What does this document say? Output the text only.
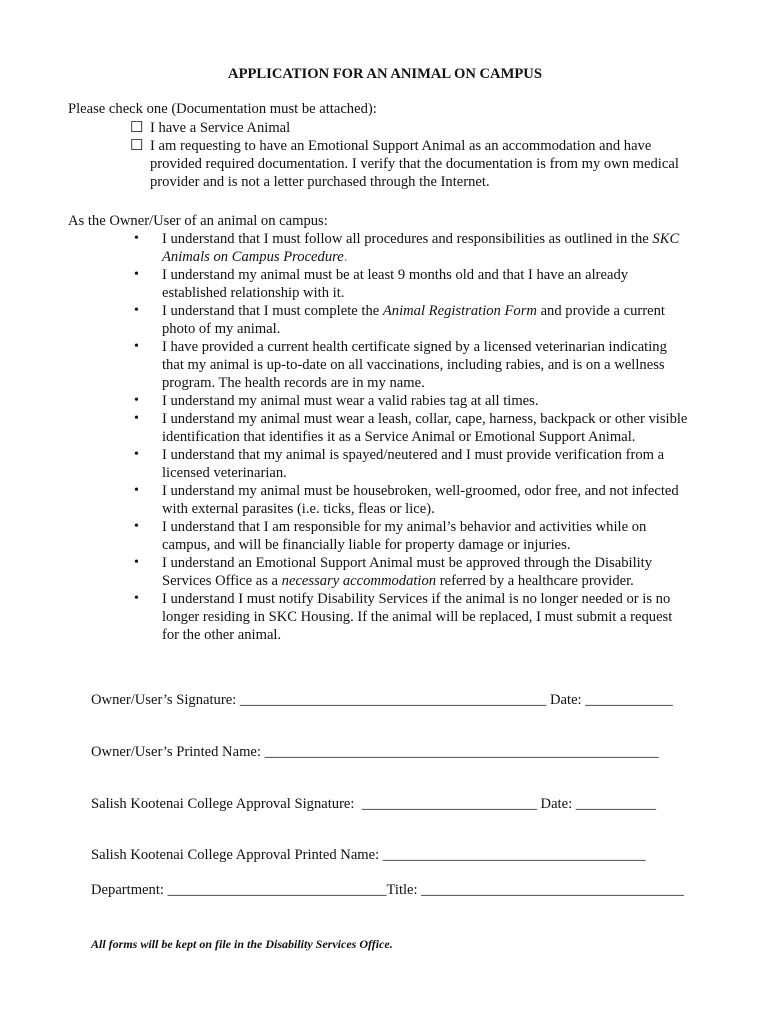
APPLICATION FOR AN ANIMAL ON CAMPUS
Please check one (Documentation must be attached):
☐ I have a Service Animal
☐ I am requesting to have an Emotional Support Animal as an accommodation and have provided required documentation. I verify that the documentation is from my own medical provider and is not a letter purchased through the Internet.
As the Owner/User of an animal on campus:
•	I understand that I must follow all procedures and responsibilities as outlined in the SKC Animals on Campus Procedure.
•	I understand my animal must be at least 9 months old and that I have an already established relationship with it.
•	I understand that I must complete the Animal Registration Form and provide a current photo of my animal.
•	I have provided a current health certificate signed by a licensed veterinarian indicating that my animal is up-to-date on all vaccinations, including rabies, and is on a wellness program. The health records are in my name.
•	I understand my animal must wear a valid rabies tag at all times.
•	I understand my animal must wear a leash, collar, cape, harness, backpack or other visible identification that identifies it as a Service Animal or Emotional Support Animal.
•	I understand that my animal is spayed/neutered and I must provide verification from a licensed veterinarian.
•	I understand my animal must be housebroken, well-groomed, odor free, and not infected with external parasites (i.e. ticks, fleas or lice).
•	I understand that I am responsible for my animal’s behavior and activities while on campus, and will be financially liable for property damage or injuries.
•	I understand an Emotional Support Animal must be approved through the Disability Services Office as a necessary accommodation referred by a healthcare provider.
•	I understand I must notify Disability Services if the animal is no longer needed or is no longer residing in SKC Housing. If the animal will be replaced, I must submit a request for the other animal.
Owner/User’s Signature: __________________________________________ Date: ____________
Owner/User’s Printed Name: ______________________________________________________
Salish Kootenai College Approval Signature:  ________________________ Date: ___________
Salish Kootenai College Approval Printed Name: ____________________________________
Department: ______________________________Title: ____________________________________
All forms will be kept on file in the Disability Services Office.
